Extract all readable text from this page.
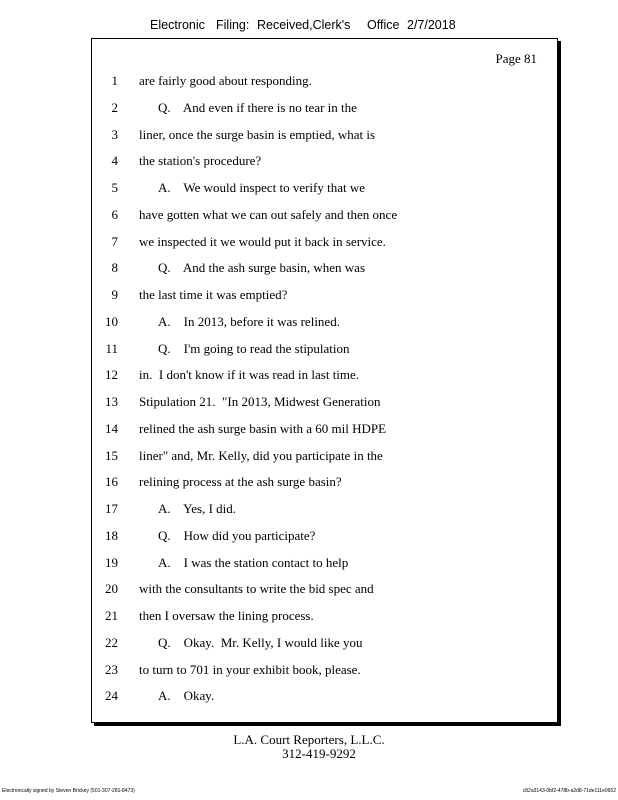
Electronic Filing: Received,Clerk's Office 2/7/2018
Page 81
1 are fairly good about responding.
2	Q.    And even if there is no tear in the
3 liner, once the surge basin is emptied, what is
4 the station's procedure?
5	A.    We would inspect to verify that we
6 have gotten what we can out safely and then once
7 we inspected it we would put it back in service.
8	Q.    And the ash surge basin, when was
9 the last time it was emptied?
10	A.    In 2013, before it was relined.
11	Q.    I'm going to read the stipulation
12 in.  I don't know if it was read in last time.
13 Stipulation 21.  "In 2013, Midwest Generation
14 relined the ash surge basin with a 60 mil HDPE
15 liner" and, Mr. Kelly, did you participate in the
16 relining process at the ash surge basin?
17	A.    Yes, I did.
18	Q.    How did you participate?
19	A.    I was the station contact to help
20 with the consultants to write the bid spec and
21 then I oversaw the lining process.
22	Q.    Okay.  Mr. Kelly, I would like you
23 to turn to 701 in your exhibit book, please.
24	A.    Okay.
L.A. Court Reporters, L.L.C.
312-419-9292
Electronically signed by Steven Brickey (501-307-281-8473)	c82a3143-0bf2-478b-a2d8-71de111e0652
